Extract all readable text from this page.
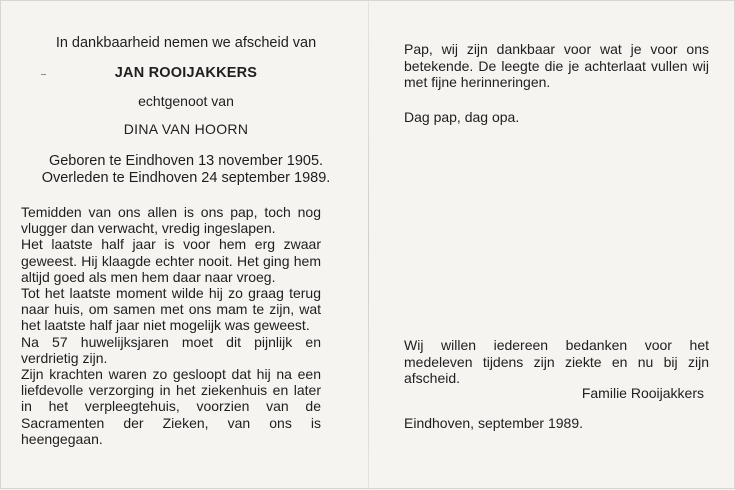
In dankbaarheid nemen we afscheid van
JAN ROOIJAKKERS
echtgenoot van
DINA VAN HOORN
Geboren te Eindhoven 13 november 1905.
Overleden te Eindhoven 24 september 1989.

Temidden van ons allen is ons pap, toch nog vlugger dan verwacht, vredig ingeslapen.

Het laatste half jaar is voor hem erg zwaar geweest. Hij klaagde echter nooit. Het ging hem altijd goed als men hem daar naar vroeg.

Tot het laatste moment wilde hij zo graag terug naar huis, om samen met ons mam te zijn, wat het laatste half jaar niet mogelijk was geweest.

Na 57 huwelijksjaren moet dit pijnlijk en verdrietig zijn.

Zijn krachten waren zo gesloopt dat hij na een liefdevolle verzorging in het ziekenhuis en later in het verpleegtehuis, voorzien van de Sacramenten der Zieken, van ons is heengegaan.

Pap, wij zijn dankbaar voor wat je voor ons betekende. De leegte die je achterlaat vullen wij met fijne herinneringen.

Dag pap, dag opa.
Wij willen iedereen bedanken voor het medeleven tijdens zijn ziekte en nu bij zijn afscheid.
Familie Rooijakkers
Eindhoven, september 1989.
